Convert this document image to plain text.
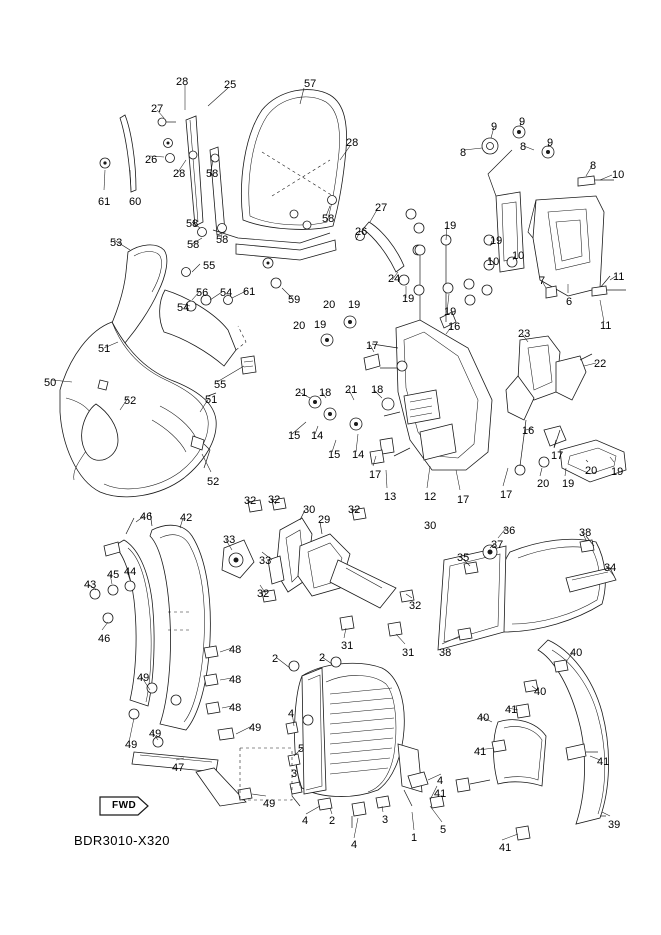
FWD
BDR3010-X320
28	25	57
27
9 9
9
8	8
8
10
26
28
61 60
28 58
58	58
27
19
58 58
26
10
19
10
11
53
55
24	7
59	19
19
6
56
54
54 61
20 19
11
20 19	16
23
51	17
22
55
50
21 18 21 18
52	51
16
15 14
15 14	17
52
17
13	12 17	17
20 19
20 19
32
30
32
32
46	42	29	30	36	38
33	37
33	35
34
43
45 44
32
46
32
48	31
31 38	40
2	2
40
48
49
48	4	40
41
49
49
49
41
5
47	41
3
4
49
41
4 2	3
1
5	39
4	41
